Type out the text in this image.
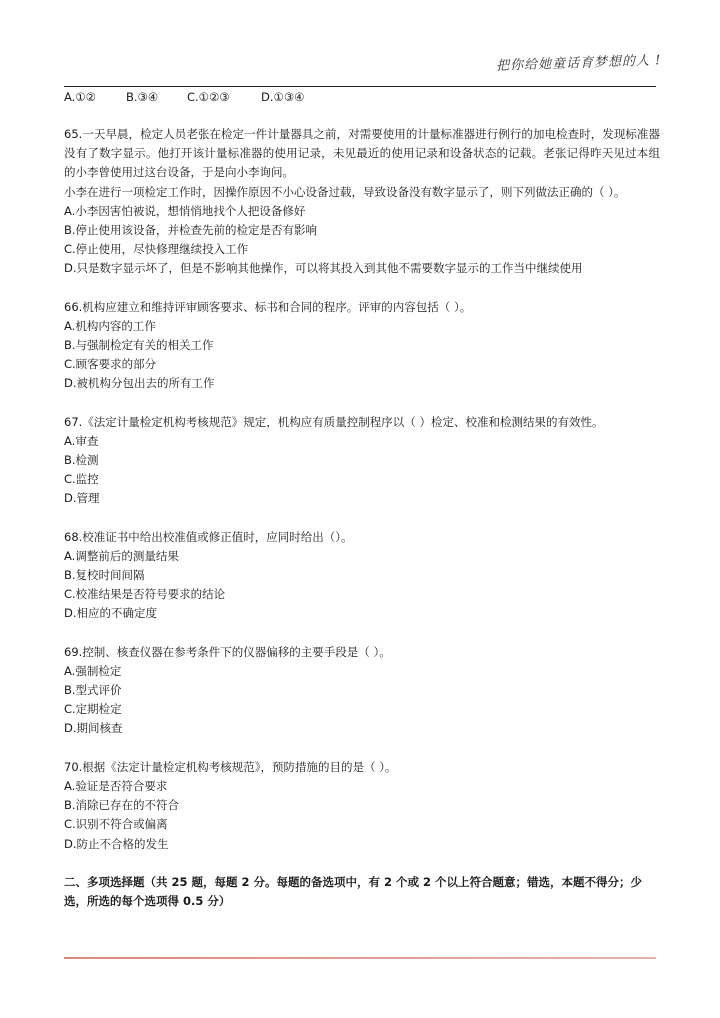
把你给她童话育梦想的人 !
A.①②	B.③④	C.①②③	D.①③④

65.一天早晨，检定人员老张在检定一件计量器具之前，对需要使用的计量标准器进行例行的加电检查时，发现标准器没有了数字显示。他打开该计量标准器的使用记录，未见最近的使用记录和设备状态的记载。老张记得昨天见过本组的小李曾使用过这台设备，于是向小李询问。

小李在进行一项检定工作时，因操作原因不小心设备过载，导致设备没有数字显示了，则下列做法正确的（ ）。

A.小李因害怕被说，想悄悄地找个人把设备修好

B.停止使用该设备，并检查先前的检定是否有影响

C.停止使用，尽快修理继续投入工作

D.只是数字显示坏了，但是不影响其他操作，可以将其投入到其他不需要数字显示的工作当中继续使用

66.机构应建立和维持评审顾客要求、标书和合同的程序。评审的内容包括（ ）。

A.机构内容的工作

B.与强制检定有关的相关工作

C.顾客要求的部分

D.被机构分包出去的所有工作

67.《法定计量检定机构考核规范》规定，机构应有质量控制程序以（ ）检定、校准和检测结果的有效性。

A.审查

B.检测

C.监控

D.管理

68.校准证书中给出校准值或修正值时，应同时给出（）。

A.调整前后的测量结果

B.复校时间间隔

C.校准结果是否符号要求的结论

D.相应的不确定度

69.控制、核查仪器在参考条件下的仪器偏移的主要手段是（ ）。

A.强制检定

B.型式评价

C.定期检定

D.期间核查

70.根据《法定计量检定机构考核规范》，预防措施的目的是（ ）。

A.验证是否符合要求

B.消除已存在的不符合

C.识别不符合或偏离

D.防止不合格的发生

二、多项选择题（共 25 题，每题 2 分。每题的备选项中，有 2 个或 2 个以上符合题意；错选，本题不得分；少选，所选的每个选项得 0.5 分）
